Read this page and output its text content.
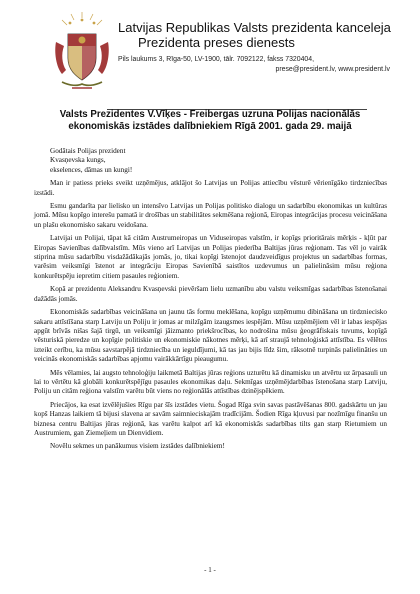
Latvijas Republikas Valsts prezidenta kanceleja
Prezidenta preses dienests
Pils laukums 3, Rīga-50, LV-1900, tālr. 7092122, fakss 7320404,
prese@president.lv, www.president.lv
Valsts Prezidentes V.Vīķes - Freibergas uzruna Polijas nacionālās ekonomiskās izstādes dalībniekiem Rīgā 2001. gada 29. maijā
Godātais Polijas prezident
Kvasņevska kungs,
ekselences, dāmas un kungi!

Man ir patiess prieks sveikt uzņēmējus, atklājot šo Latvijas un Polijas attiecību vēsturē vērienīgāko tirdzniecības izstādi.

Esmu gandarīta par lielisko un intensīvo Latvijas un Polijas politisko dialogu un sadarbību ekonomikas un kultūras jomā. Mūsu kopīgo interešu pamatā ir drošības un stabilitātes sekmēšana reģionā, Eiropas integrācijas procesu veicināšana un plašu ekonomisko sakaru veidošana.

Latvijai un Polijai, tāpat kā citām Austrumeiropas un Viduseiropas valstīm, ir kopīgs prioritārais mērķis - kļūt par Eiropas Savienības dalībvalstīm. Mūs vieno arī Latvijas un Polijas piederība Baltijas jūras reģionam. Tas vēl jo vairāk stiprina mūsu sadarbību visdažādākajās jomās, jo, tikai kopīgi īstenojot daudzveidīgus projektus un sadarbības formas, varēsim veiksmīgi īstenot ar integrāciju Eiropas Savienībā saistītos uzdevumus un palielināsim mūsu reģiona konkurētspēju iepretim citiem pasaules reģioniem.

Kopā ar prezidentu Aleksandru Kvasņevski pievēršam lielu uzmanību abu valstu veiksmīgas sadarbības īstenošanai dažādās jomās.

Ekonomiskās sadarbības veicināšana un jaunu tās formu meklēšana, kopīgu uzņēmumu dibināšana un tirdzniecisko sakaru attīstīšana starp Latviju un Poliju ir jomas ar milzīgām izaugsmes iespējām. Mūsu uzņēmējiem vēl ir labas iespējas apgūt brīvās nišas šajā tirgū, un veiksmīgi jāizmanto priekšrocības, ko nodrošina mūsu ģeogrāfiskais tuvums, kopīgā vēsturiskā pieredze un kopīgie politiskie un ekonomiskie nākotnes mērķi, kā arī straujā tehnoloģiskā attīstība. Es vēlētos izteikt cerību, ka mūsu savstarpējā tirdzniecība un ieguldījumi, kā tas jau bijis līdz šim, rāksotnē turpinās palielināties un veicinās ekonomiskās sadarbības apjomu vairākkārtīgu pieaugumu.

Mēs vēlamies, lai augsto tehnoloģiju laikmetā Baltijas jūras reģions uzturētu kā dinamisku un atvērtu uz ārpasauli un lai to vērtētu kā globāli konkurētspējīgu pasaules ekonomikas daļu. Sekmīgas uzņēmējdarbības īstenošana starp Latviju, Poliju un citām reģiona valstīm varētu būt viens no reģionālās attīstības dzinējspēkiem.

Priecājos, ka esat izvēlējušies Rīgu par šīs izstādes vietu. Šogad Rīga svin savas pastāvēšanas 800. gadskārtu un jau kopš Hanzas laikiem tā bijusi slavena ar savām saimnieciskajām tradīcijām. Šodien Rīga kļuvusi par nozīmīgu finanšu un biznesa centru Baltijas jūras reģionā, kas varētu kalpot arī kā ekonomiskās sadarbības tilts gan starp Rietumiem un Austrumiem, gan Ziemeļiem un Dienvidiem.

Novēlu sekmes un panākumus visiem izstādes dalībniekiem!

- 1 -
